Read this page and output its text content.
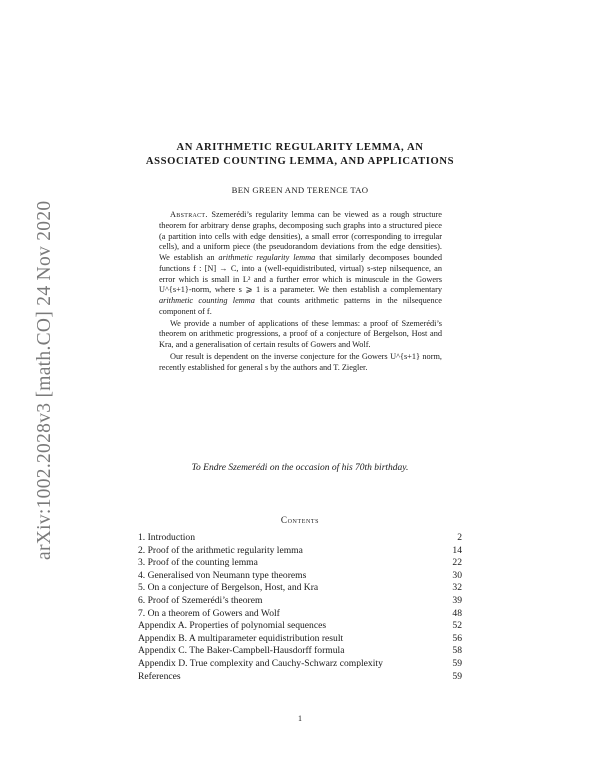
arXiv:1002.2028v3 [math.CO] 24 Nov 2020
AN ARITHMETIC REGULARITY LEMMA, AN
ASSOCIATED COUNTING LEMMA, AND APPLICATIONS
BEN GREEN AND TERENCE TAO

Abstract. Szemerédi’s regularity lemma can be viewed as a rough structure theorem for arbitrary dense graphs, decomposing such graphs into a structured piece (a partition into cells with edge densities), a small error (corresponding to irregular cells), and a uniform piece (the pseudorandom deviations from the edge densities). We establish an arithmetic regularity lemma that similarly decomposes bounded functions f : [N] → C, into a (well-equidistributed, virtual) s-step nilsequence, an error which is small in L² and a further error which is minuscule in the Gowers U^{s+1}-norm, where s ⩾ 1 is a parameter. We then establish a complementary arithmetic counting lemma that counts arithmetic patterns in the nilsequence component of f.

We provide a number of applications of these lemmas: a proof of Szemerédi’s theorem on arithmetic progressions, a proof of a conjecture of Bergelson, Host and Kra, and a generalisation of certain results of Gowers and Wolf.

Our result is dependent on the inverse conjecture for the Gowers U^{s+1} norm, recently established for general s by the authors and T. Ziegler.

To Endre Szemerédi on the occasion of his 70th birthday.
Contents
1. Introduction	2
2. Proof of the arithmetic regularity lemma	14
3. Proof of the counting lemma	22
4. Generalised von Neumann type theorems	30
5. On a conjecture of Bergelson, Host, and Kra	32
6. Proof of Szemerédi’s theorem	39
7. On a theorem of Gowers and Wolf	48
Appendix A. Properties of polynomial sequences	52
Appendix B. A multiparameter equidistribution result	56
Appendix C. The Baker-Campbell-Hausdorff formula	58
Appendix D. True complexity and Cauchy-Schwarz complexity	59
References	59
1
